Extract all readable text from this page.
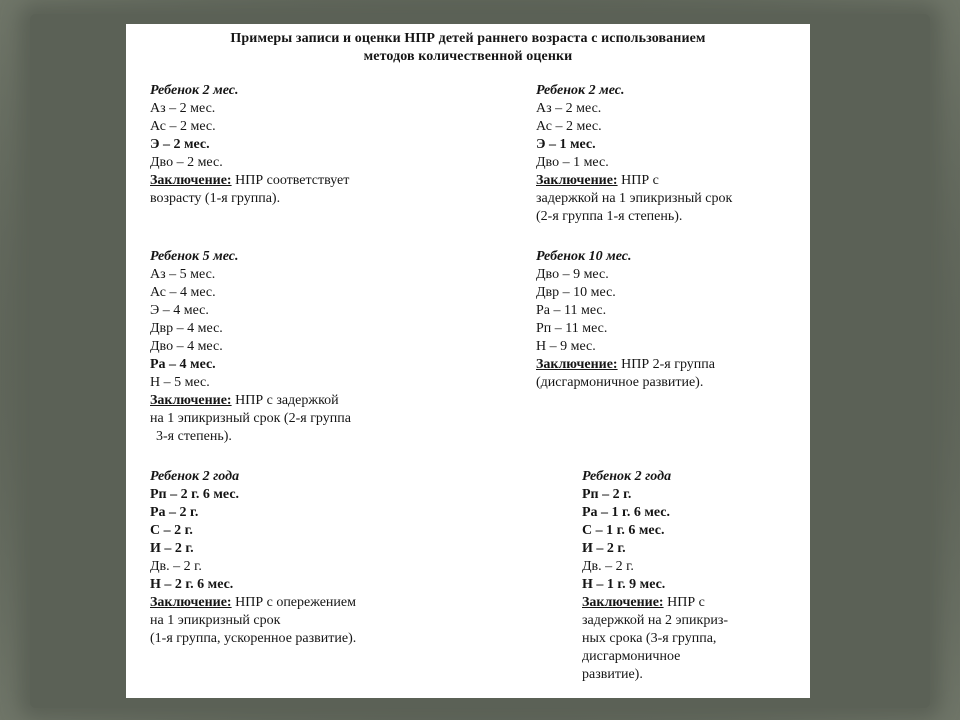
Примеры записи и оценки НПР детей раннего возраста с использованием
методов количественной оценки
Ребенок 2 мес.
Аз – 2 мес.
Ас – 2 мес.
Э – 2 мес.
Дво – 2 мес.
Заключение: НПР соответствует
возрасту (1-я группа).
Ребенок 2 мес.
Аз – 2 мес.
Ас – 2 мес.
Э – 1 мес.
Дво – 1 мес.
Заключение: НПР с
задержкой на 1 эпикризный срок
(2-я группа 1-я степень).
Ребенок 5 мес.
Аз – 5 мес.
Ас – 4 мес.
Э – 4 мес.
Двр – 4 мес.
Дво – 4 мес.
Ра – 4 мес.
Н – 5 мес.
Заключение: НПР с задержкой
на 1 эпикризный срок (2-я группа
3-я степень).
Ребенок 10 мес.
Дво – 9 мес.
Двр – 10 мес.
Ра – 11 мес.
Рп – 11 мес.
Н – 9 мес.
Заключение: НПР 2-я группа
(дисгармоничное развитие).
Ребенок 2 года
Рп – 2 г. 6 мес.
Ра – 2 г.
С – 2 г.
И – 2 г.
Дв. – 2 г.
Н – 2 г. 6 мес.
Заключение: НПР с опережением
на 1 эпикризный срок
(1-я группа, ускоренное развитие).
Ребенок 2 года
Рп – 2 г.
Ра – 1 г. 6 мес.
С – 1 г. 6 мес.
И – 2 г.
Дв. – 2 г.
Н – 1 г. 9 мес.
Заключение: НПР с
задержкой на 2 эпикриз-
ных срока (3-я группа,
дисгармоничное
развитие).
